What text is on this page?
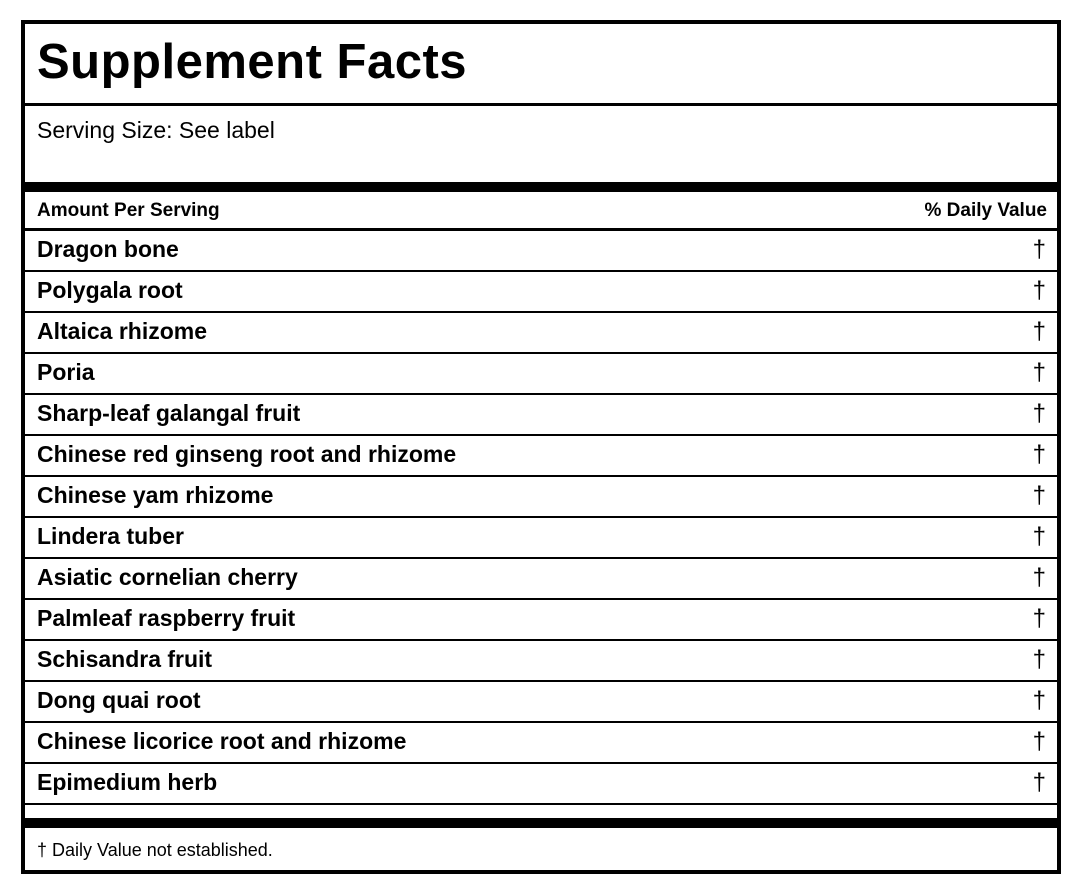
Supplement Facts
Serving Size: See label
Amount Per Serving	% Daily Value
Dragon bone	†
Polygala root	†
Altaica rhizome	†
Poria	†
Sharp-leaf galangal fruit	†
Chinese red ginseng root and rhizome	†
Chinese yam rhizome	†
Lindera tuber	†
Asiatic cornelian cherry	†
Palmleaf raspberry fruit	†
Schisandra fruit	†
Dong quai root	†
Chinese licorice root and rhizome	†
Epimedium herb	†
† Daily Value not established.
